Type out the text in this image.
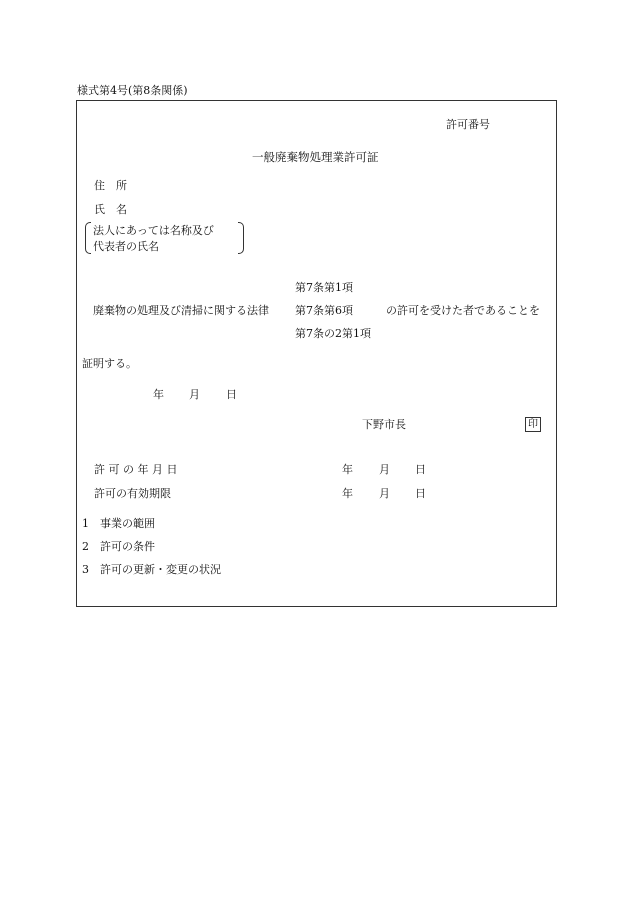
様式第4号(第8条関係)
許可番号
一般廃棄物処理業許可証
住　所
氏　名
法人にあっては名称及び
代表者の氏名
第7条第1項
廃棄物の処理及び清掃に関する法律 第7条第6項	の許可を受けた者であることを
第7条の2第1項
証明する。
年 月 日
下野市長	印
許 可 の 年 月 日	年 月 日
許可の有効期限	年 月 日
1 事業の範囲
2 許可の条件
3 許可の更新・変更の状況
